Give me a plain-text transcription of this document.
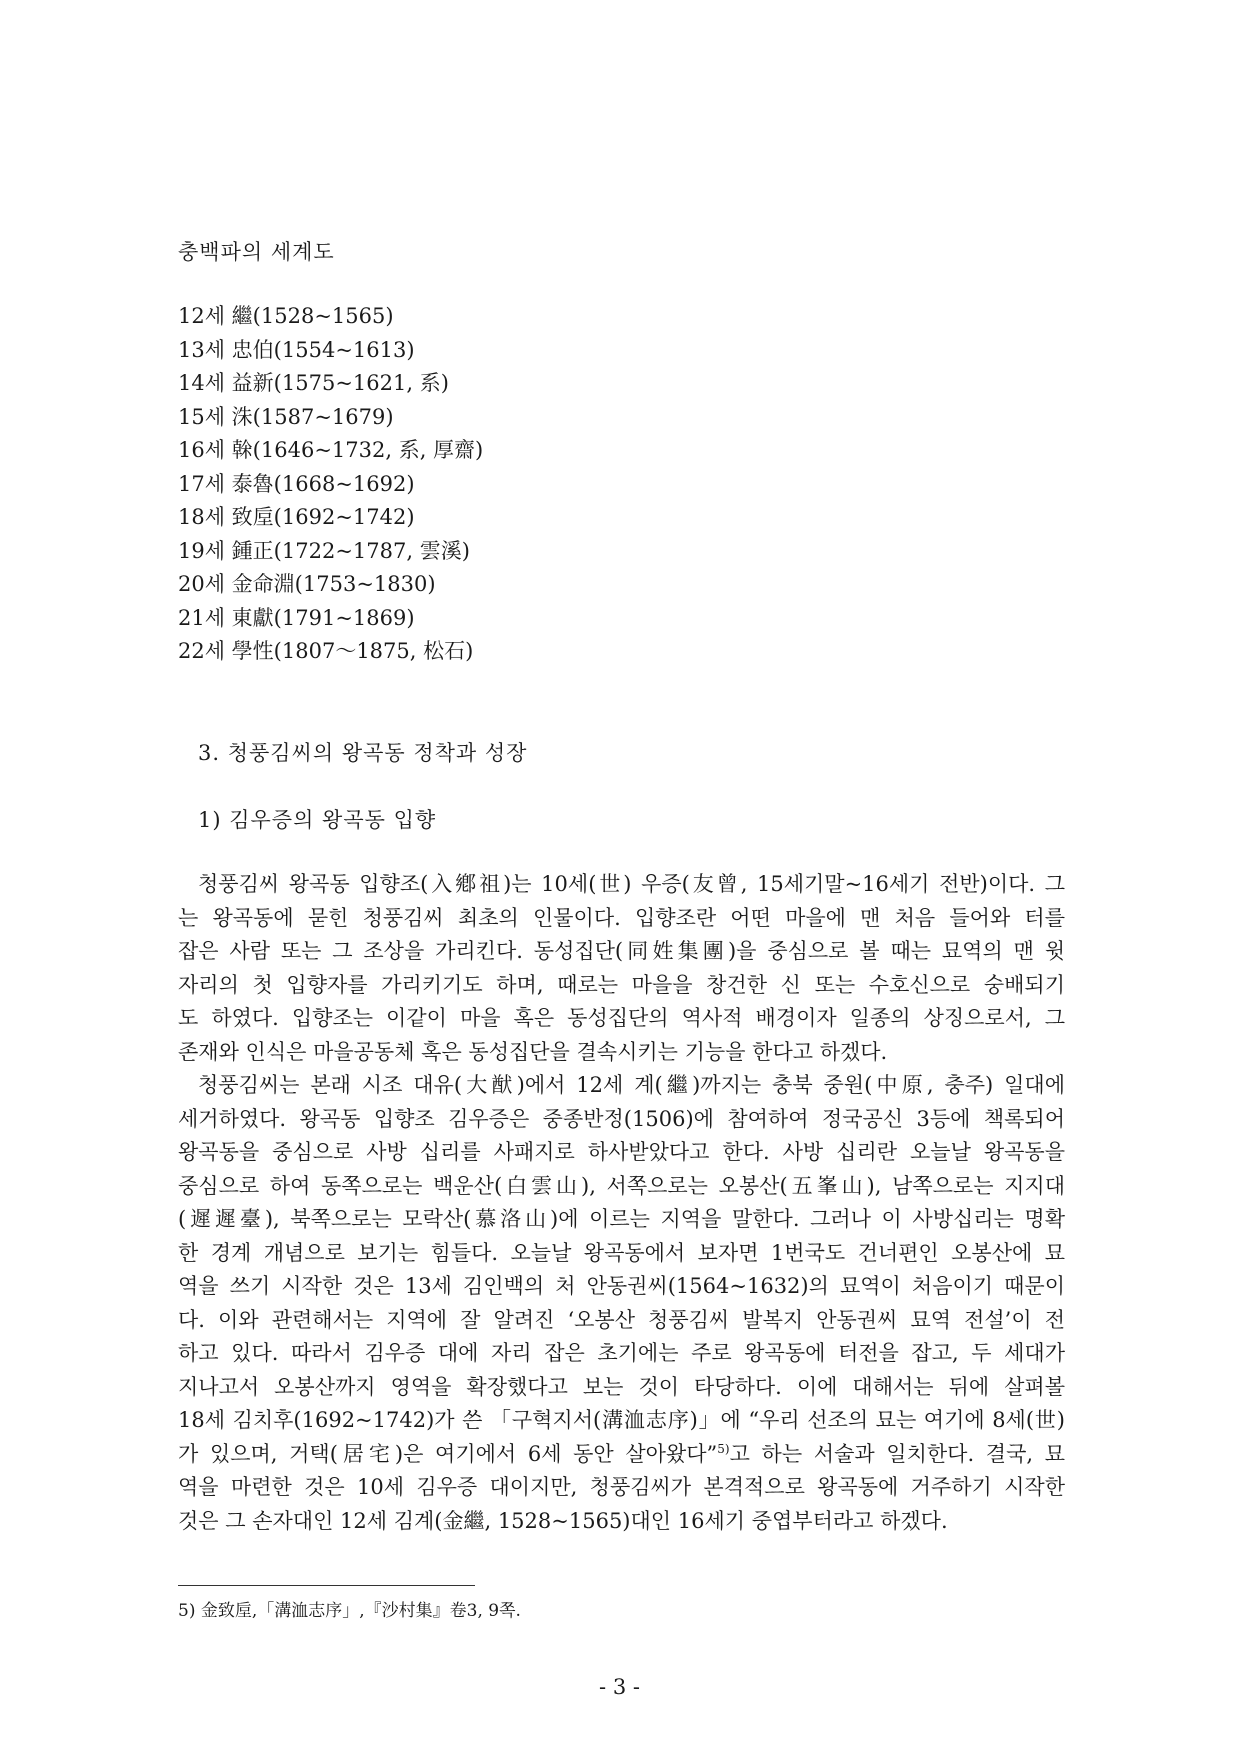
충백파의 세계도
12세 繼(1528~1565)
13세 忠伯(1554~1613)
14세 益新(1575~1621, 系)
15세 洙(1587~1679)
16세 榦(1646~1732, 系, 厚齋)
17세 泰魯(1668~1692)
18세 致垕(1692~1742)
19세 鍾正(1722~1787, 雲溪)
20세 金命淵(1753~1830)
21세 東獻(1791~1869)
22세 學性(1807～1875, 松石)
3. 청풍김씨의 왕곡동 정착과 성장
1) 김우증의 왕곡동 입향

청풍김씨 왕곡동 입향조(入鄕祖)는 10세(世) 우증(友曾, 15세기말~16세기 전반)이다. 그
는 왕곡동에 묻힌 청풍김씨 최초의 인물이다. 입향조란 어떤 마을에 맨 처음 들어와 터를
잡은 사람 또는 그 조상을 가리킨다. 동성집단(同姓集團)을 중심으로 볼 때는 묘역의 맨 윗
자리의 첫 입향자를 가리키기도 하며, 때로는 마을을 창건한 신 또는 수호신으로 숭배되기
도 하였다. 입향조는 이같이 마을 혹은 동성집단의 역사적 배경이자 일종의 상징으로서, 그
존재와 인식은 마을공동체 혹은 동성집단을 결속시키는 기능을 한다고 하겠다.

청풍김씨는 본래 시조 대유(大猷)에서 12세 계(繼)까지는 충북 중원(中原, 충주) 일대에
세거하였다. 왕곡동 입향조 김우증은 중종반정(1506)에 참여하여 정국공신 3등에 책록되어
왕곡동을 중심으로 사방 십리를 사패지로 하사받았다고 한다. 사방 십리란 오늘날 왕곡동을
중심으로 하여 동쪽으로는 백운산(白雲山), 서쪽으로는 오봉산(五峯山), 남쪽으로는 지지대
(遲遲臺), 북쪽으로는 모락산(慕洛山)에 이르는 지역을 말한다. 그러나 이 사방십리는 명확
한 경계 개념으로 보기는 힘들다. 오늘날 왕곡동에서 보자면 1번국도 건너편인 오봉산에 묘
역을 쓰기 시작한 것은 13세 김인백의 처 안동권씨(1564~1632)의 묘역이 처음이기 때문이
다. 이와 관련해서는 지역에 잘 알려진 ‘오봉산 청풍김씨 발복지 안동권씨 묘역 전설’이 전
하고 있다. 따라서 김우증 대에 자리 잡은 초기에는 주로 왕곡동에 터전을 잡고, 두 세대가
지나고서 오봉산까지 영역을 확장했다고 보는 것이 타당하다. 이에 대해서는 뒤에 살펴볼
18세 김치후(1692~1742)가 쓴 「구혁지서(溝洫志序)」에 “우리 선조의 묘는 여기에 8세(世)
가 있으며, 거택(居宅)은 여기에서 6세 동안 살아왔다”$^{5)}$고 하는 서술과 일치한다. 결국, 묘
역을 마련한 것은 10세 김우증 대이지만, 청풍김씨가 본격적으로 왕곡동에 거주하기 시작한
것은 그 손자대인 12세 김계(金繼, 1528~1565)대인 16세기 중엽부터라고 하겠다.

5) 金致垕,「溝洫志序」,『沙村集』卷3, 9쪽.
- 3 -
